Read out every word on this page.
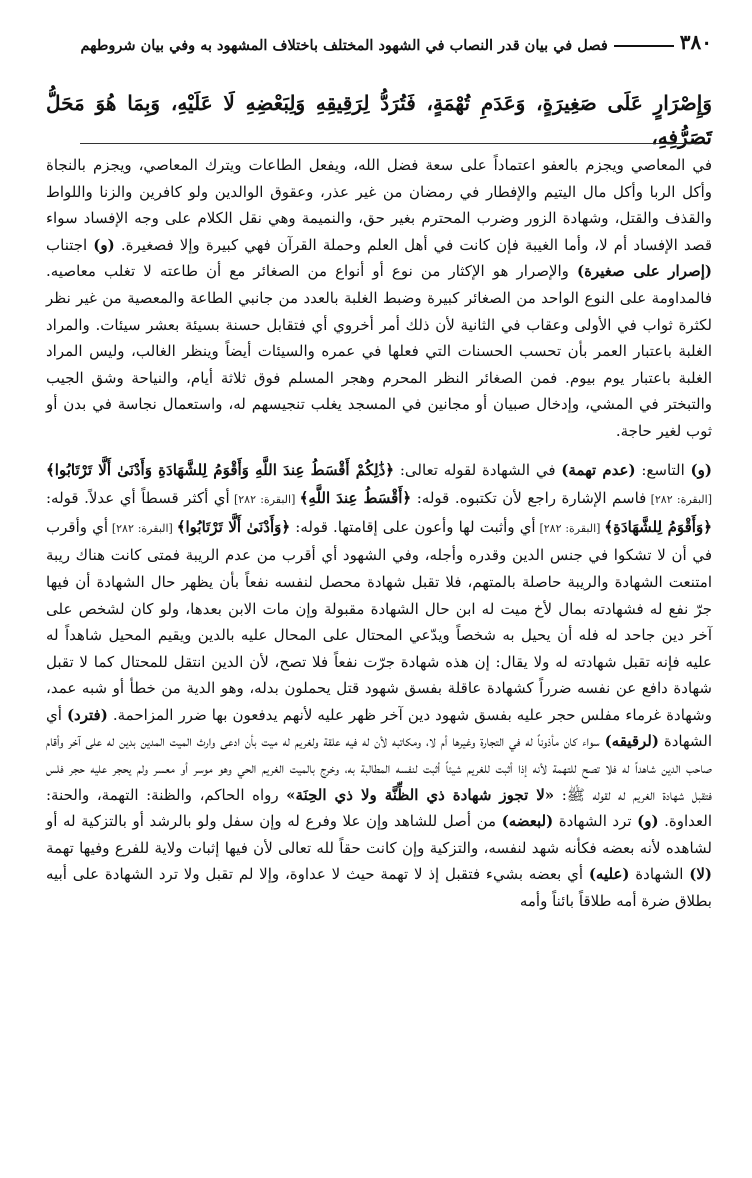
٣٨٠
فصل في بيان قدر النصاب في الشهود المختلف باختلاف المشهود به وفي بيان شروطهم
وَإِصْرَارٍ عَلَى صَغِيرَةٍ، وَعَدَمِ تُهْمَةٍ، فَتُرَدُّ لِرَقِيقِهِ وَلِبَعْضِهِ لَا عَلَيْهِ، وَبِمَا هُوَ مَحَلُّ تَصَرُّفِهِ،

في المعاصي ويجزم بالعفو اعتماداً على سعة فضل الله، ويفعل الطاعات ويترك المعاصي، ويجزم بالنجاة وأكل الربا وأكل مال اليتيم والإفطار في رمضان من غير عذر، وعقوق الوالدين ولو كافرين والزنا واللواط والقذف والقتل، وشهادة الزور وضرب المحترم بغير حق، والنميمة وهي نقل الكلام على وجه الإفساد سواء قصد الإفساد أم لا، وأما الغيبة فإن كانت في أهل العلم وحملة القرآن فهي كبيرة وإلا فصغيرة. (و) اجتناب (إصرار على صغيرة) والإصرار هو الإكثار من نوع أو أنواع من الصغائر مع أن طاعته لا تغلب معاصيه. فالمداومة على النوع الواحد من الصغائر كبيرة وضبط الغلبة بالعدد من جانبي الطاعة والمعصية من غير نظر لكثرة ثواب في الأولى وعقاب في الثانية لأن ذلك أمر أخروي أي فتقابل حسنة بسيئة بعشر سيئات. والمراد الغلبة باعتبار العمر بأن تحسب الحسنات التي فعلها في عمره والسيئات أيضاً وينظر الغالب، وليس المراد الغلبة باعتبار يوم بيوم. فمن الصغائر النظر المحرم وهجر المسلم فوق ثلاثة أيام، والنياحة وشق الجيب والتبختر في المشي، وإدخال صبيان أو مجانين في المسجد يغلب تنجيسهم له، واستعمال نجاسة في بدن أو ثوب لغير حاجة.

(و) التاسع: (عدم تهمة) في الشهادة لقوله تعالى: ﴿ذَٰلِكُمْ أَقْسَطُ عِندَ اللَّهِ وَأَقْوَمُ لِلشَّهَادَةِ وَأَدْنَىٰ أَلَّا تَرْتَابُوا﴾ [البقرة: ٢٨٢] فاسم الإشارة راجع لأن تكتبوه. قوله: ﴿أَقْسَطُ عِندَ اللَّهِ﴾ [البقرة: ٢٨٢] أي أكثر قسطاً أي عدلاً. قوله: ﴿وَأَقْوَمُ لِلشَّهَادَةِ﴾ [البقرة: ٢٨٢] أي وأثبت لها وأعون على إقامتها. قوله: ﴿وَأَدْنَىٰ أَلَّا تَرْتَابُوا﴾ [البقرة: ٢٨٢] أي وأقرب في أن لا تشكوا في جنس الدين وقدره وأجله، وفي الشهود أي أقرب من عدم الريبة فمتى كانت هناك ريبة امتنعت الشهادة والريبة حاصلة بالمتهم، فلا تقبل شهادة محصل لنفسه نفعاً بأن يظهر حال الشهادة أن فيها جرّ نفع له فشهادته بمال لأخ ميت له ابن حال الشهادة مقبولة وإن مات الابن بعدها، ولو كان لشخص على آخر دين جاحد له فله أن يحيل به شخصاً ويدّعي المحتال على المحال عليه بالدين ويقيم المحيل شاهداً له عليه فإنه تقبل شهادته له ولا يقال: إن هذه شهادة جرّت نفعاً فلا تصح، لأن الدين انتقل للمحتال كما لا تقبل شهادة دافع عن نفسه ضرراً كشهادة عاقلة بفسق شهود قتل يحملون بدله، وهو الدية من خطأ أو شبه عمد، وشهادة غرماء مفلس حجر عليه بفسق شهود دين آخر ظهر عليه لأنهم يدفعون بها ضرر المزاحمة. (فترد) أي الشهادة (لرقيقه) سواء كان مأذوناً له في التجارة وغيرها أم لا، ومكاتبه لأن له فيه علقة ولغريم له ميت بأن ادعى وارث الميت المدين بدين له على آخر وأقام صاحب الدين شاهداً له فلا تصح للتهمة لأنه إذا أثبت للغريم شيئاً أثبت لنفسه المطالبة به، وخرج بالميت الغريم الحي وهو موسر أو معسر ولم يحجر عليه حجر فلس فتقبل شهادة الغريم له لقوله ﷺ: «لا تجوز شهادة ذي الظِّنَّة ولا ذي الحِنَة» رواه الحاكم، والظنة: التهمة، والحنة: العداوة. (و) ترد الشهادة (لبعضه) من أصل للشاهد وإن علا وفرع له وإن سفل ولو بالرشد أو بالتزكية له أو لشاهده لأنه بعضه فكأنه شهد لنفسه، والتزكية وإن كانت حقاً لله تعالى لأن فيها إثبات ولاية للفرع وفيها تهمة (لا) الشهادة (عليه) أي بعضه بشيء فتقبل إذ لا تهمة حيث لا عداوة، وإلا لم تقبل ولا ترد الشهادة على أبيه بطلاق ضرة أمه طلاقاً بائناً وأمه
